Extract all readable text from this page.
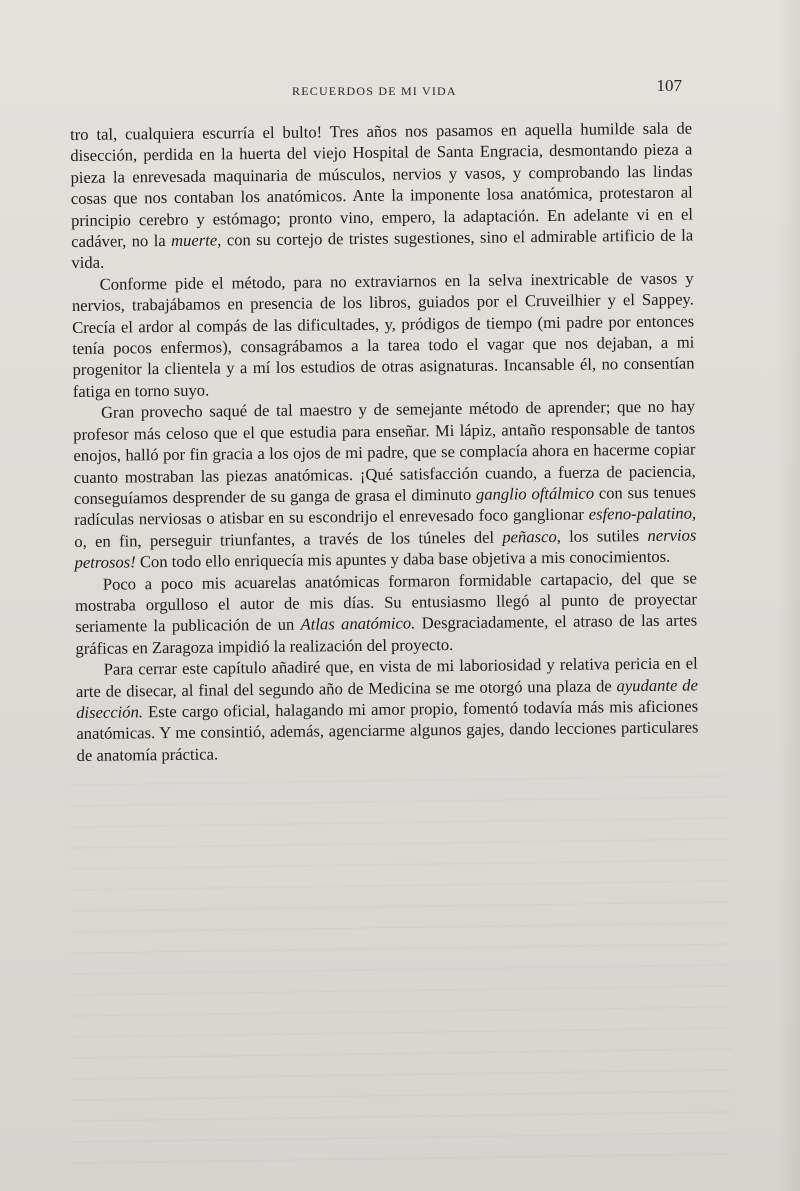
RECUERDOS DE MI VIDA	107

tro tal, cualquiera escurría el bulto! Tres años nos pasamos en aquella humilde sala de disección, perdida en la huerta del viejo Hospital de Santa Engracia, desmontando pieza a pieza la enrevesada maquinaria de músculos, nervios y vasos, y comprobando las lindas cosas que nos contaban los anatómicos. Ante la imponente losa anatómica, protestaron al principio cerebro y estómago; pronto vino, empero, la adaptación. En adelante vi en el cadáver, no la muerte, con su cortejo de tristes sugestiones, sino el admirable artificio de la vida.

Conforme pide el método, para no extraviarnos en la selva inextricable de vasos y nervios, trabajábamos en presencia de los libros, guiados por el Cruveilhier y el Sappey. Crecía el ardor al compás de las dificultades, y, pródigos de tiempo (mi padre por entonces tenía pocos enfermos), consagrábamos a la tarea todo el vagar que nos dejaban, a mi progenitor la clientela y a mí los estudios de otras asignaturas. Incansable él, no consentían fatiga en torno suyo.

Gran provecho saqué de tal maestro y de semejante método de aprender; que no hay profesor más celoso que el que estudia para enseñar. Mi lápiz, antaño responsable de tantos enojos, halló por fin gracia a los ojos de mi padre, que se complacía ahora en hacerme copiar cuanto mostraban las piezas anatómicas. ¡Qué satisfacción cuando, a fuerza de paciencia, conseguíamos desprender de su ganga de grasa el diminuto ganglio oftálmico con sus tenues radículas nerviosas o atisbar en su escondrijo el enrevesado foco ganglionar esfeno-palatino, o, en fin, perseguir triunfantes, a través de los túneles del peñasco, los sutiles nervios petrosos! Con todo ello enriquecía mis apuntes y daba base objetiva a mis conocimientos.

Poco a poco mis acuarelas anatómicas formaron formidable cartapacio, del que se mostraba orgulloso el autor de mis días. Su entusiasmo llegó al punto de proyectar seriamente la publicación de un Atlas anatómico. Desgraciadamente, el atraso de las artes gráficas en Zaragoza impidió la realización del proyecto.

Para cerrar este capítulo añadiré que, en vista de mi laboriosidad y relativa pericia en el arte de disecar, al final del segundo año de Medicina se me otorgó una plaza de ayudante de disección. Este cargo oficial, halagando mi amor propio, fomentó todavía más mis aficiones anatómicas. Y me consintió, además, agenciarme algunos gajes, dando lecciones particulares de anatomía práctica.
